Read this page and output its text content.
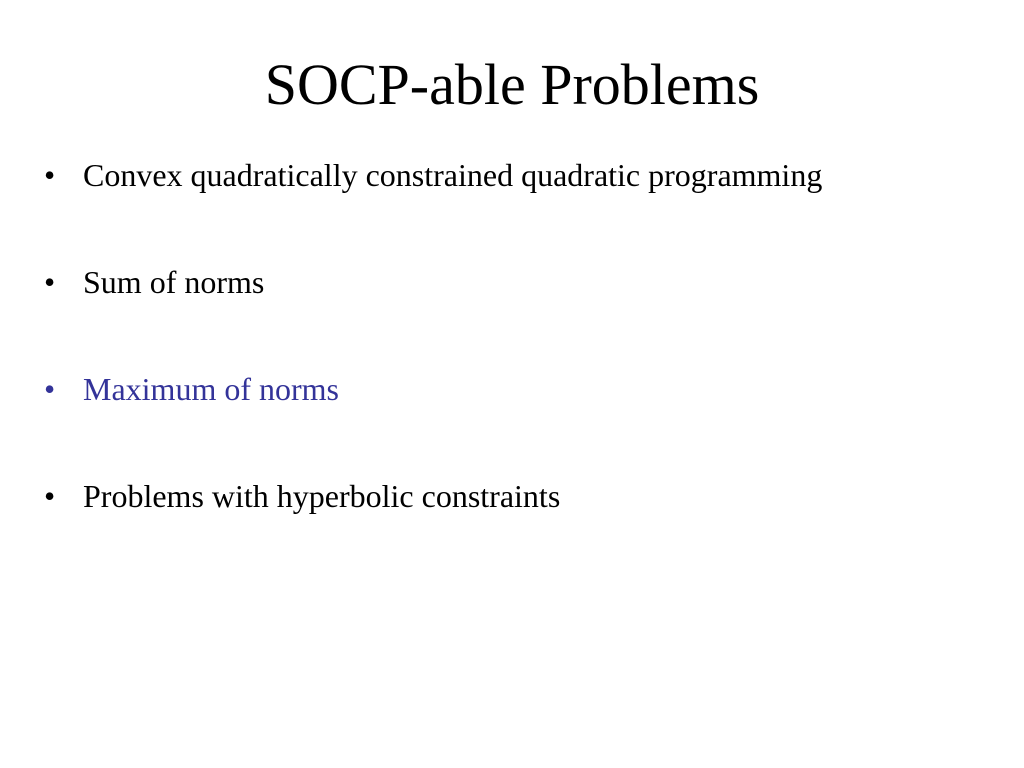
SOCP-able Problems
• Convex quadratically constrained quadratic programming
• Sum of norms
• Maximum of norms
• Problems with hyperbolic constraints
